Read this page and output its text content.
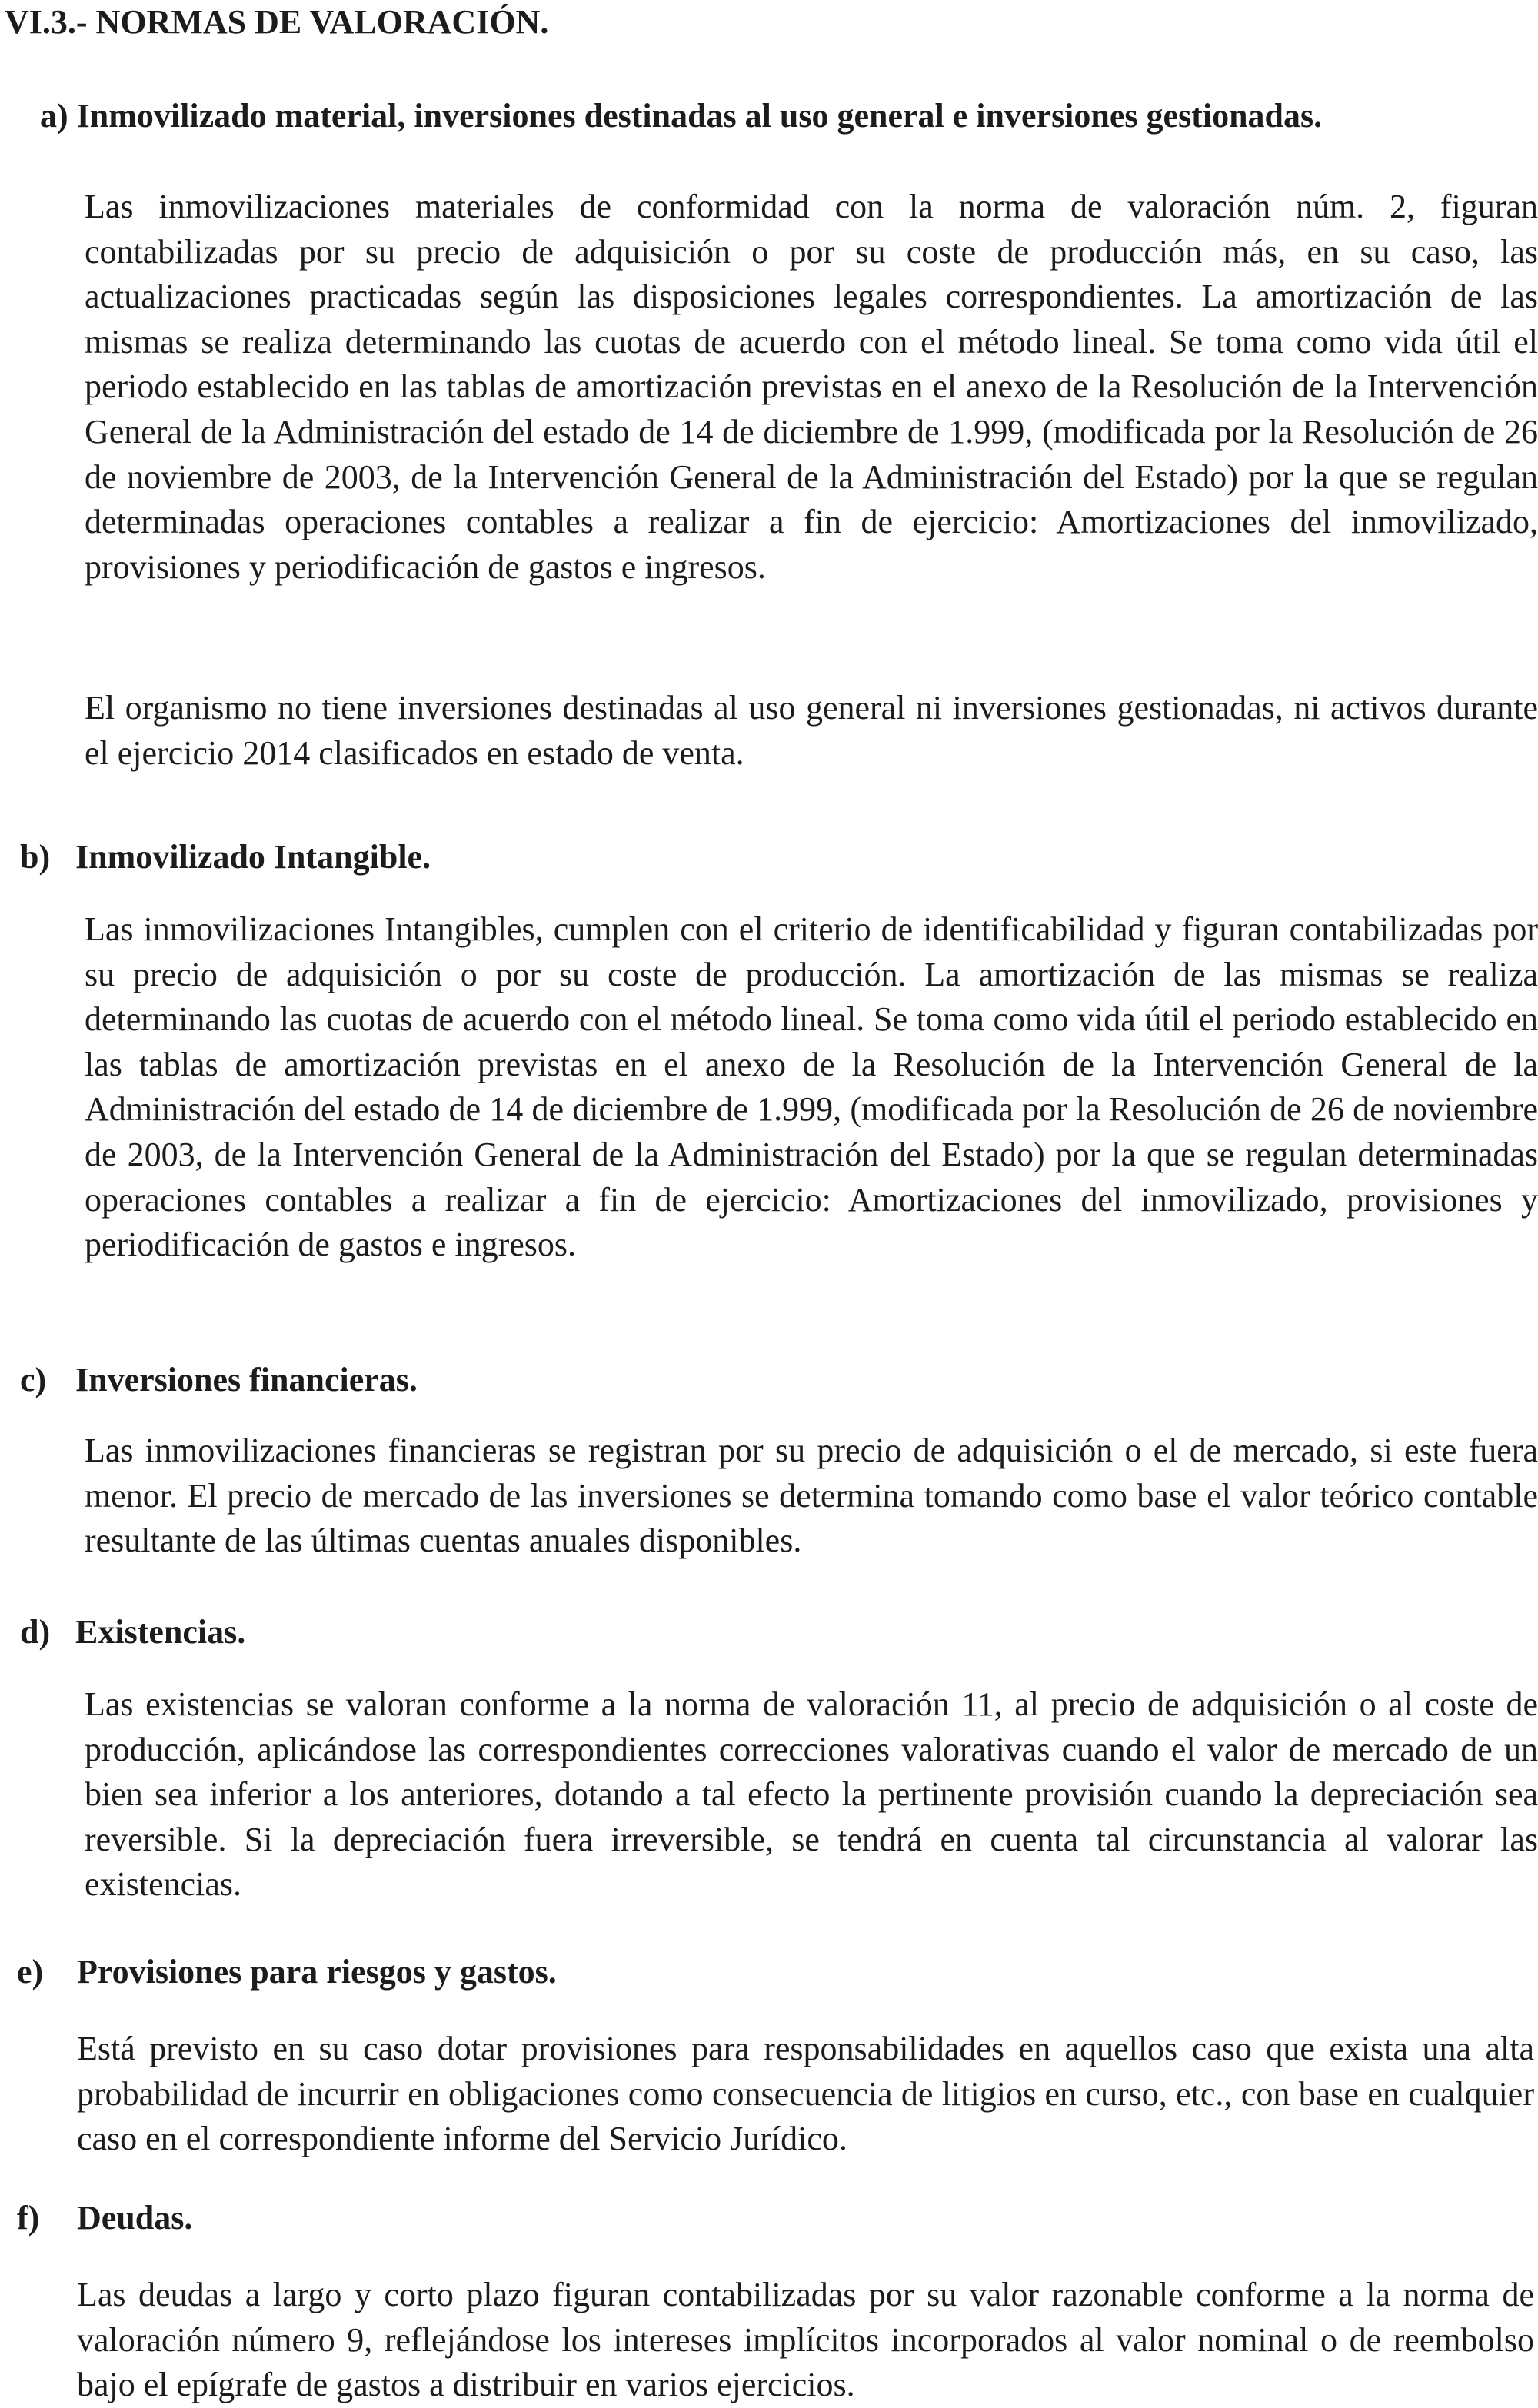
VI.3.- NORMAS DE VALORACIÓN.
a) Inmovilizado material, inversiones destinadas al uso general e inversiones gestionadas.

Las inmovilizaciones materiales de conformidad con la norma de valoración núm. 2, figuran contabilizadas por su precio de adquisición o por su coste de producción más, en su caso, las actualizaciones practicadas según las disposiciones legales correspondientes. La amortización de las mismas se realiza determinando las cuotas de acuerdo con el método lineal. Se toma como vida útil el periodo establecido en las tablas de amortización previstas en el anexo de la Resolución de la Intervención General de la Administración del estado de 14 de diciembre de 1.999, (modificada por la Resolución de 26 de noviembre de 2003, de la Intervención General de la Administración del Estado) por la que se regulan determinadas operaciones contables a realizar a fin de ejercicio: Amortizaciones del inmovilizado, provisiones y periodificación de gastos e ingresos.

El organismo no tiene inversiones destinadas al uso general ni inversiones gestionadas, ni activos durante el ejercicio 2014 clasificados en estado de venta.

b) Inmovilizado Intangible.

Las inmovilizaciones Intangibles, cumplen con el criterio de identificabilidad y figuran contabilizadas por su precio de adquisición o por su coste de producción. La amortización de las mismas se realiza determinando las cuotas de acuerdo con el método lineal. Se toma como vida útil el periodo establecido en las tablas de amortización previstas en el anexo de la Resolución de la Intervención General de la Administración del estado de 14 de diciembre de 1.999, (modificada por la Resolución de 26 de noviembre de 2003, de la Intervención General de la Administración del Estado) por la que se regulan determinadas operaciones contables a realizar a fin de ejercicio: Amortizaciones del inmovilizado, provisiones y periodificación de gastos e ingresos.

c) Inversiones financieras.

Las inmovilizaciones financieras se registran por su precio de adquisición o el de mercado, si este fuera menor. El precio de mercado de las inversiones se determina tomando como base el valor teórico contable resultante de las últimas cuentas anuales disponibles.

d) Existencias.

Las existencias se valoran conforme a la norma de valoración 11, al precio de adquisición o al coste de producción, aplicándose las correspondientes correcciones valorativas cuando el valor de mercado de un bien sea inferior a los anteriores, dotando a tal efecto la pertinente provisión cuando la depreciación sea reversible. Si la depreciación fuera irreversible, se tendrá en cuenta tal circunstancia al valorar las existencias.

e) Provisiones para riesgos y gastos.

Está previsto en su caso dotar provisiones para responsabilidades en aquellos caso que exista una alta probabilidad de incurrir en obligaciones como consecuencia de litigios en curso, etc., con base en cualquier caso en el correspondiente informe del Servicio Jurídico.

f) Deudas.

Las deudas a largo y corto plazo figuran contabilizadas por su valor razonable conforme a la norma de valoración número 9, reflejándose los intereses implícitos incorporados al valor nominal o de reembolso bajo el epígrafe de gastos a distribuir en varios ejercicios.
